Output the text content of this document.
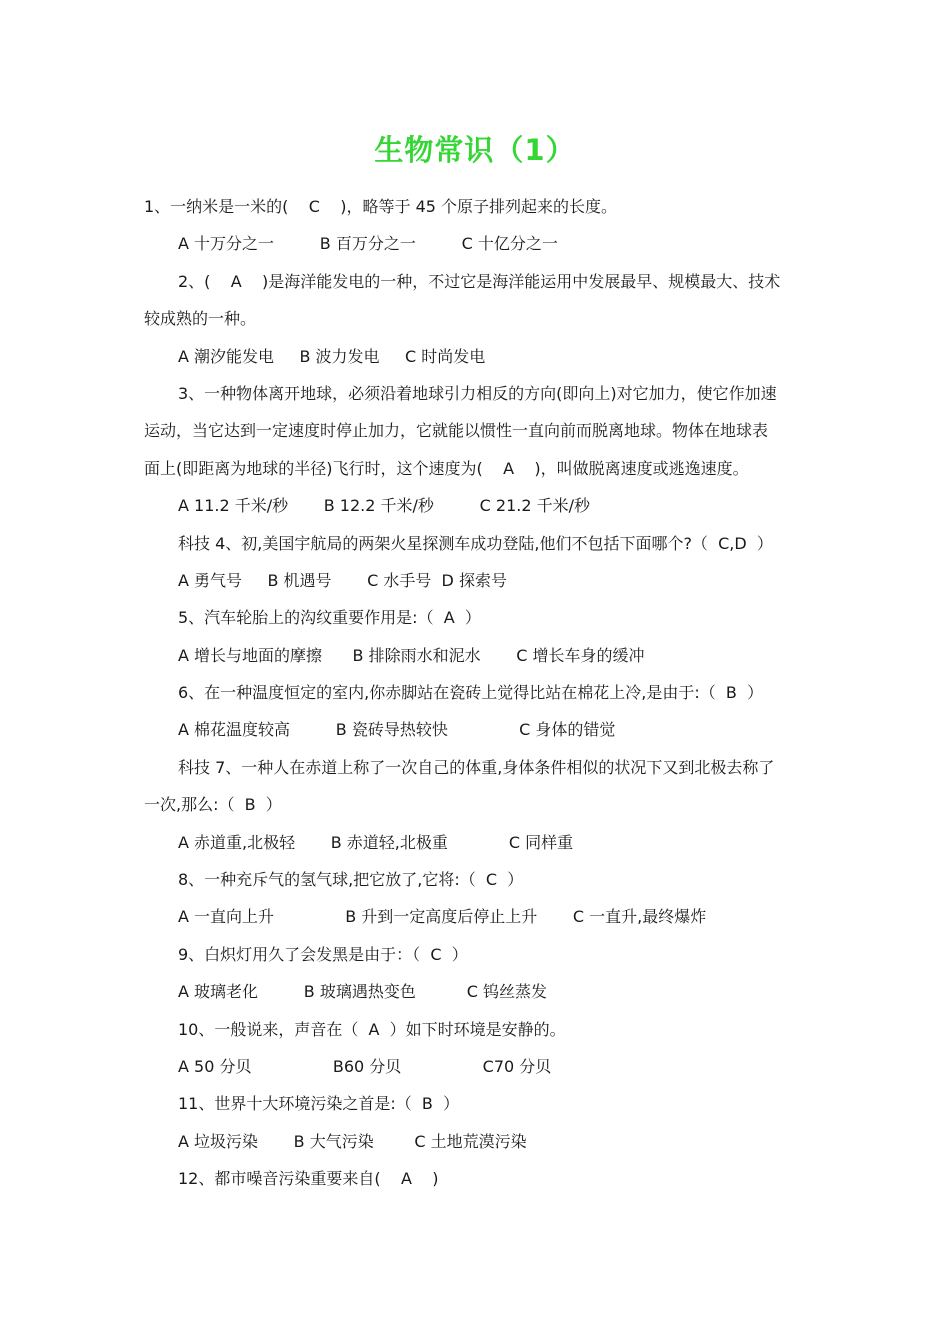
生物常识（1）
1、一纳米是一米的(    C    )，略等于 45 个原子排列起来的长度。
A 十万分之一         B 百万分之一         C 十亿分之一
2、(    A    )是海洋能发电的一种，不过它是海洋能运用中发展最早、规模最大、技术
较成熟的一种。
A 潮汐能发电     B 波力发电     C 时尚发电
3、一种物体离开地球，必须沿着地球引力相反的方向(即向上)对它加力，使它作加速
运动，当它达到一定速度时停止加力，它就能以惯性一直向前而脱离地球。物体在地球表
面上(即距离为地球的半径)飞行时，这个速度为(    A    )，叫做脱离速度或逃逸速度。
A 11.2 千米/秒       B 12.2 千米/秒         C 21.2 千米/秒
科技 4、初,美国宇航局的两架火星探测车成功登陆,他们不包括下面哪个?（  C,D  ）
A 勇气号     B 机遇号       C 水手号  D 探索号
5、汽车轮胎上的沟纹重要作用是:（  A  ）
A 增长与地面的摩擦      B 排除雨水和泥水       C 增长车身的缓冲
6、在一种温度恒定的室内,你赤脚站在瓷砖上觉得比站在棉花上冷,是由于:（  B  ）
A 棉花温度较高         B 瓷砖导热较快              C 身体的错觉
科技 7、一种人在赤道上称了一次自己的体重,身体条件相似的状况下又到北极去称了
一次,那么:（  B  ）
A 赤道重,北极轻       B 赤道轻,北极重            C 同样重
8、一种充斥气的氢气球,把它放了,它将:（  C  ）
A 一直向上升              B 升到一定高度后停止上升       C 一直升,最终爆炸
9、白炽灯用久了会发黑是由于：（  C  ）
A 玻璃老化         B 玻璃遇热变色          C 钨丝蒸发
10、一般说来，声音在（  A  ）如下时环境是安静的。
A 50 分贝                B60 分贝                C70 分贝
11、世界十大环境污染之首是:（  B  ）
A 垃圾污染       B 大气污染        C 土地荒漠污染
12、都市噪音污染重要来自(    A    )
